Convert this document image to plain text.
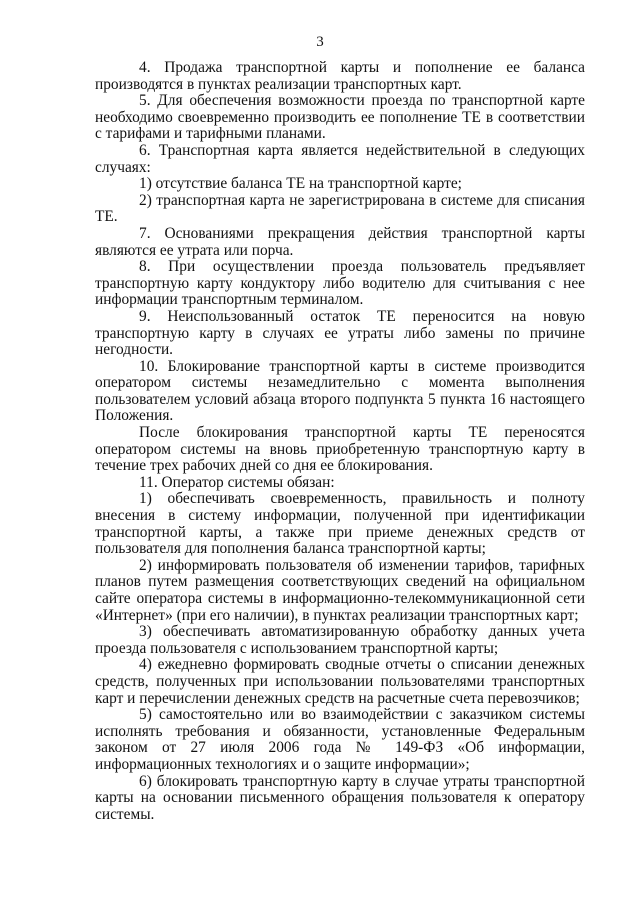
3

4. Продажа транспортной карты и пополнение ее баланса производятся в пунктах реализации транспортных карт.

5. Для обеспечения возможности проезда по транспортной карте необходимо своевременно производить ее пополнение ТЕ в соответствии с тарифами и тарифными планами.

6. Транспортная карта является недействительной в следующих случаях:

1) отсутствие баланса ТЕ на транспортной карте;

2) транспортная карта не зарегистрирована в системе для списания ТЕ.

7. Основаниями прекращения действия транспортной карты являются ее утрата или порча.

8. При осуществлении проезда пользователь предъявляет транспортную карту кондуктору либо водителю для считывания с нее информации транспортным терминалом.

9. Неиспользованный остаток ТЕ переносится на новую транспортную карту в случаях ее утраты либо замены по причине негодности.

10. Блокирование транспортной карты в системе производится оператором системы незамедлительно с момента выполнения пользователем условий абзаца второго подпункта 5 пункта 16 настоящего Положения.

После блокирования транспортной карты ТЕ переносятся оператором системы на вновь приобретенную транспортную карту в течение трех рабочих дней со дня ее блокирования.

11. Оператор системы обязан:

1) обеспечивать своевременность, правильность и полноту внесения в систему информации, полученной при идентификации транспортной карты, а также при приеме денежных средств от пользователя для пополнения баланса транспортной карты;

2) информировать пользователя об изменении тарифов, тарифных планов путем размещения соответствующих сведений на официальном сайте оператора системы в информационно-телекоммуникационной сети «Интернет» (при его наличии), в пунктах реализации транспортных карт;

3) обеспечивать автоматизированную обработку данных учета проезда пользователя с использованием транспортной карты;

4) ежедневно формировать сводные отчеты о списании денежных средств, полученных при использовании пользователями транспортных карт и перечислении денежных средств на расчетные счета перевозчиков;

5) самостоятельно или во взаимодействии с заказчиком системы исполнять требования и обязанности, установленные Федеральным законом от 27 июля 2006 года № 149-ФЗ «Об информации, информационных технологиях и о защите информации»;

6) блокировать транспортную карту в случае утраты транспортной карты на основании письменного обращения пользователя к оператору системы.
